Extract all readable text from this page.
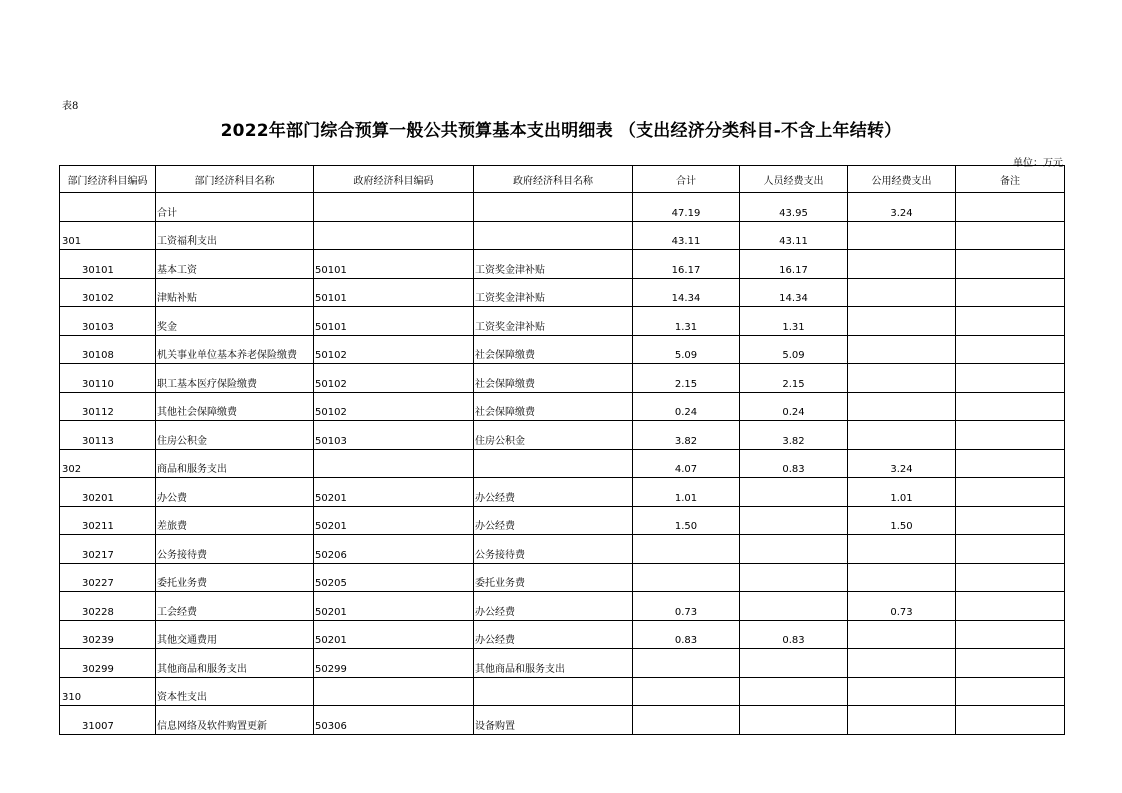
表8
2022年部门综合预算一般公共预算基本支出明细表 （支出经济分类科目-不含上年结转）
单位：万元
部门经济科目编码	部门经济科目名称	政府经济科目编码	政府经济科目名称	合计	人员经费支出	公用经费支出	备注
	合计			47.19	43.95	3.24	
301	工资福利支出			43.11	43.11		
30101	基本工资	50101	工资奖金津补贴	16.17	16.17		
30102	津贴补贴	50101	工资奖金津补贴	14.34	14.34		
30103	奖金	50101	工资奖金津补贴	1.31	1.31		
30108	机关事业单位基本养老保险缴费	50102	社会保障缴费	5.09	5.09		
30110	职工基本医疗保险缴费	50102	社会保障缴费	2.15	2.15		
30112	其他社会保障缴费	50102	社会保障缴费	0.24	0.24		
30113	住房公积金	50103	住房公积金	3.82	3.82		
302	商品和服务支出			4.07	0.83	3.24	
30201	办公费	50201	办公经费	1.01		1.01	
30211	差旅费	50201	办公经费	1.50		1.50	
30217	公务接待费	50206	公务接待费				
30227	委托业务费	50205	委托业务费				
30228	工会经费	50201	办公经费	0.73		0.73	
30239	其他交通费用	50201	办公经费	0.83	0.83		
30299	其他商品和服务支出	50299	其他商品和服务支出				
310	资本性支出						
31007	信息网络及软件购置更新	50306	设备购置				
